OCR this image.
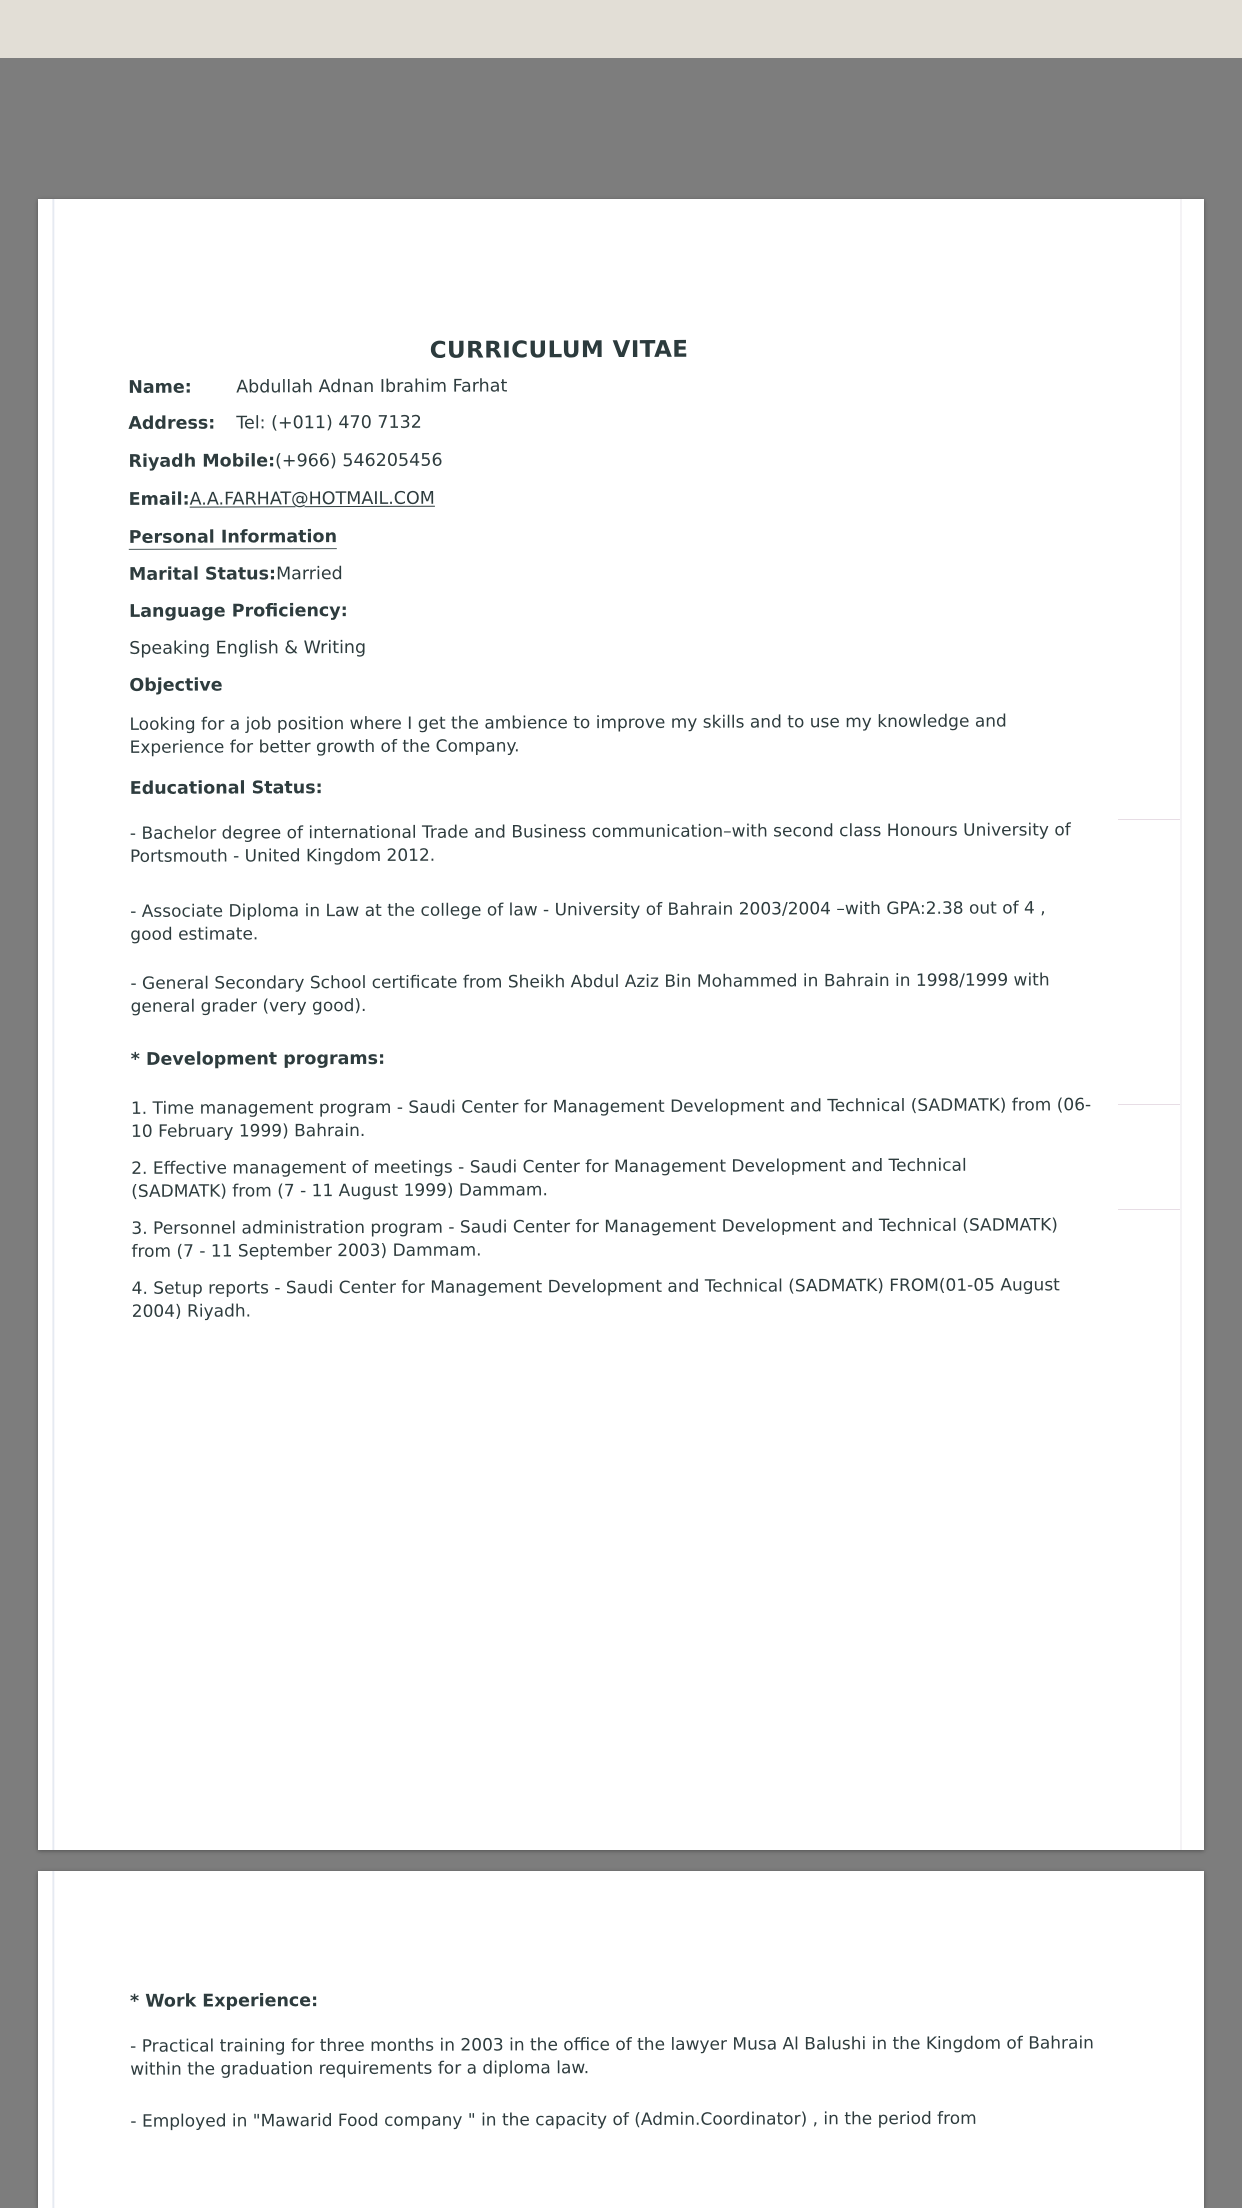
CURRICULUM VITAE
Name:	Abdullah Adnan Ibrahim Farhat
Address: Tel: (+011) 470 7132
Riyadh Mobile:(+966) 546205456
Email:A.A.FARHAT@HOTMAIL.COM
Personal Information
Marital Status:Married
Language Proficiency:
Speaking English & Writing
Objective
Looking for a job position where I get the ambience to improve my skills and to use my knowledge and Experience for better growth of the Company.
Educational Status:
- Bachelor degree of international Trade and Business communication–with second class Honours University of Portsmouth - United Kingdom 2012.
- Associate Diploma in Law at the college of law - University of Bahrain 2003/2004 –with GPA:2.38 out of 4 , good estimate.
- General Secondary School certificate from Sheikh Abdul Aziz Bin Mohammed in Bahrain in 1998/1999 with general grader (very good).
* Development programs:
1. Time management program - Saudi Center for Management Development and Technical (SADMATK) from (06-10 February 1999) Bahrain.
2. Effective management of meetings - Saudi Center for Management Development and Technical (SADMATK) from (7 - 11 August 1999) Dammam.
3. Personnel administration program - Saudi Center for Management Development and Technical (SADMATK) from (7 - 11 September 2003) Dammam.
4. Setup reports - Saudi Center for Management Development and Technical (SADMATK) FROM(01-05 August 2004) Riyadh.
* Work Experience:
- Practical training for three months in 2003 in the office of the lawyer Musa Al Balushi in the Kingdom of Bahrain within the graduation requirements for a diploma law.
- Employed in "Mawarid Food company " in the capacity of (Admin.Coordinator) , in the period from
